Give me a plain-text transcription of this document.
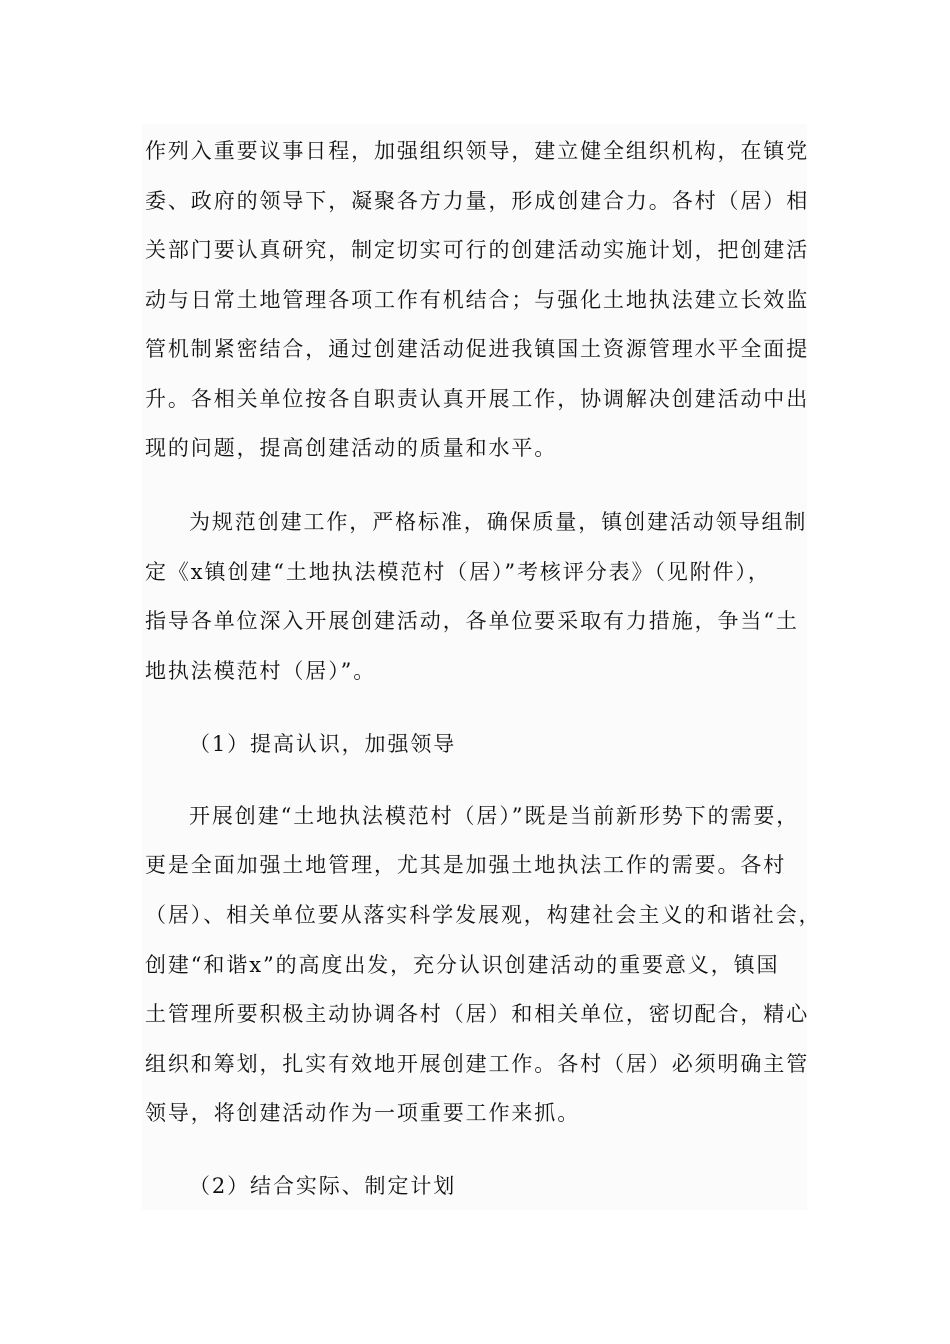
作列入重要议事日程，加强组织领导，建立健全组织机构，在镇党
委、政府的领导下，凝聚各方力量，形成创建合力。各村（居）相
关部门要认真研究，制定切实可行的创建活动实施计划，把创建活
动与日常土地管理各项工作有机结合；与强化土地执法建立长效监
管机制紧密结合，通过创建活动促进我镇国土资源管理水平全面提
升。各相关单位按各自职责认真开展工作，协调解决创建活动中出
现的问题，提高创建活动的质量和水平。
为规范创建工作，严格标准，确保质量，镇创建活动领导组制
定《x镇创建“土地执法模范村（居）”考核评分表》（见附件），
指导各单位深入开展创建活动，各单位要采取有力措施，争当“土
地执法模范村（居）”。
（1）提高认识，加强领导
开展创建“土地执法模范村（居）”既是当前新形势下的需要，
更是全面加强土地管理，尤其是加强土地执法工作的需要。各村
（居）、相关单位要从落实科学发展观，构建社会主义的和谐社会，
创建“和谐x”的高度出发，充分认识创建活动的重要意义，镇国
土管理所要积极主动协调各村（居）和相关单位，密切配合，精心
组织和筹划，扎实有效地开展创建工作。各村（居）必须明确主管
领导，将创建活动作为一项重要工作来抓。
（2）结合实际、制定计划
